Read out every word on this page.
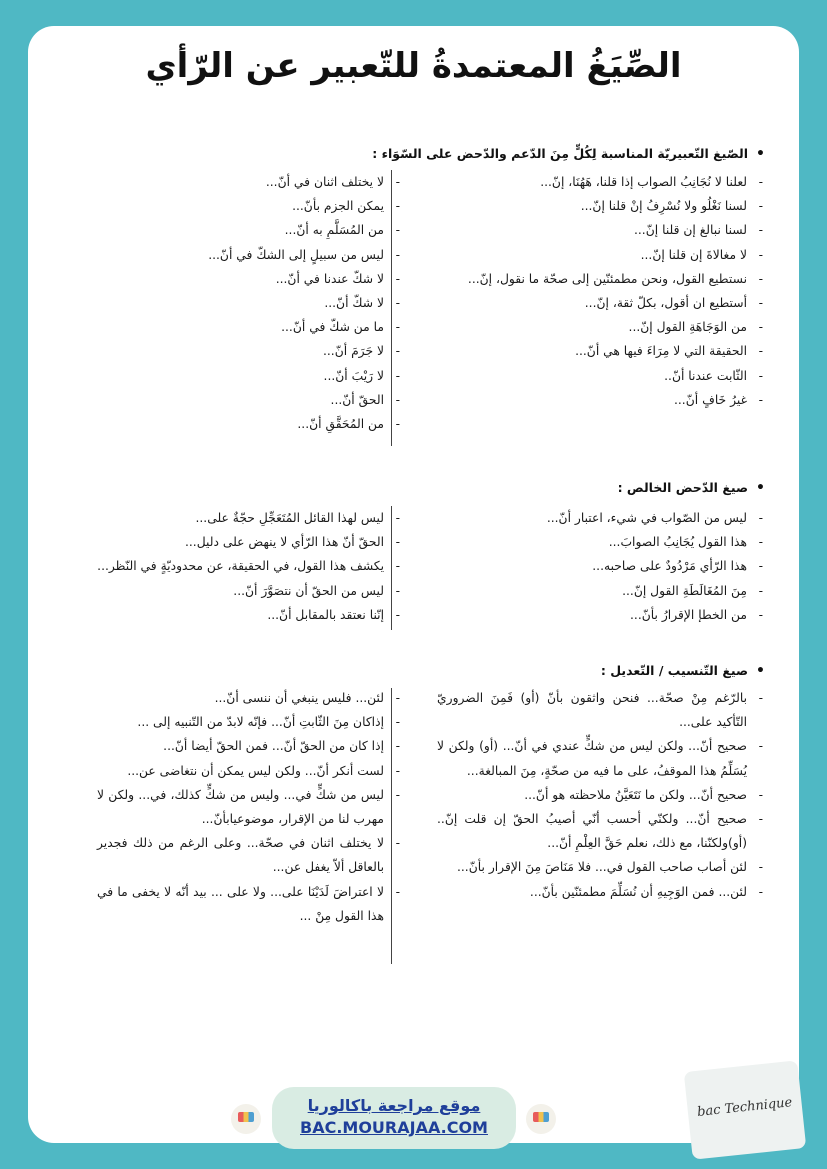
الصِّيَغُ المعتمدةُ للتّعبير عن الرّأي
•الصّيغ التّعبيريّة المناسبة لِكُلٍّ مِنَ الدّعم والدّحض على السّوَاء :
- لعلنا لا نُجَانِبُ الصواب إذا قلنا، هَهُنَا، إنّ...
- لسنا نَغْلُو ولا نُسْرِفُ إنْ قلنا إنّ...
- لسنا نبالغ إن قلنا إنّ...
- لا مغالاةَ إن قلنا إنّ...
- نستطيع القول، ونحن مطمئنّين إلى صحّة ما نقول، إنّ...
- أستطيع ان أقول، بكلّ ثقة، إنّ...
- من الوَجَاهَةِ القول إنّ...
- الحقيقة التي لا مِرَاءَ فيها هي أنّ...
- الثّابت عندنا أنّ..
- غيرُ خَافٍ أنّ...
- لا يختلف اثنان في أنّ...
- يمكن الجزم بأنّ...
- من المُسَلَّمِ به أنّ...
- ليس من سبيلٍ إلى الشكّ في أنّ...
- لا شكّ عندنا في أنّ...
- لا شكّ أنّ...
- ما من شكّ في أنّ...
- لا جَرَمَ أنّ...
- لا رَيْبَ أنّ...
- الحقّ أنّ...
- من المُحَقَّقِ أنّ...
•صيغ الدّحض الخالص :
- ليس من الصّواب في شيء، اعتبار أنّ...
- هذا القول يُجَانِبُ الصوابَ...
- هذا الرّأي مَرْدُودٌ على صاحبه...
- مِنَ المُغَالَطَةِ القول إنّ...
- من الخطإ الإقرارُ بأنّ...
- ليس لهذا القائل المُتَعَجِّلِ حجّةٌ على...
- الحقّ أنّ هذا الرّأي لا ينهض على دليل...
- يكشف هذا القول، في الحقيقة، عن محدوديّةٍ في النّظر...
- ليس من الحقّ أن نتصَوَّرَ أنّ...
- إنّنا نعتقد بالمقابل أنّ...
•صيغ التّنسيب / التّعديل :
- بالرّغم مِنْ صحّة... فنحن واثقون بأنّ (أو) فَمِنَ الضروريّ التّأكيد على...
- صحيح أنّ... ولكن ليس من شكٍّ عندي في أنّ... (أو) ولكن لا يُسَلِّمُ هذا الموقفُ، على ما فيه من صحّةٍ، مِنَ المبالغة...
- صحيح أنّ... ولكن ما نَتَعَيَّنُ ملاحظته هو أنّ...
- صحيح أنّ... ولكنّي أحسب أنّي أصيبُ الحقّ إن قلت إنّ..(أو)ولكنّنا، مع ذلك، نعلم حَقَّ العِلْمِ أنّ...
- لئن أصاب صاحب القول في... فلا مَنَاصَ مِنَ الإقرار بأنّ...
- لئن... فمن الوَجِيهِ أن نُسَلِّمَ مطمئنّين بأنّ...
- لئن... فليس ينبغي أن ننسى أنّ...
- إذاكان مِنَ الثّابتِ أنّ... فإنّه لابدّ من التّنبيه إلى ...
- إذا كان من الحقّ أنّ... فمن الحقّ أيضا أنّ...
- لست أنكر أنّ... ولكن ليس يمكن أن نتغاضى عن...
- ليس من شكٍّ في... وليس من شكٍّ كذلك، في... ولكن لا مهرب لنا من الإقرار، موضوعيابأنّ...
- لا يختلف اثنان في صحّة... وعلى الرغم من ذلك فجدير بالعاقل ألاّ يغفل عن...
- لا اعتراضَ لَدَيْنَا على... ولا على ... بيد أنّه لا يخفى ما في هذا القول مِنْ ...
موقع مراجعة باكالوريا
BAC.MOURAJAA.COM
bac Technique
